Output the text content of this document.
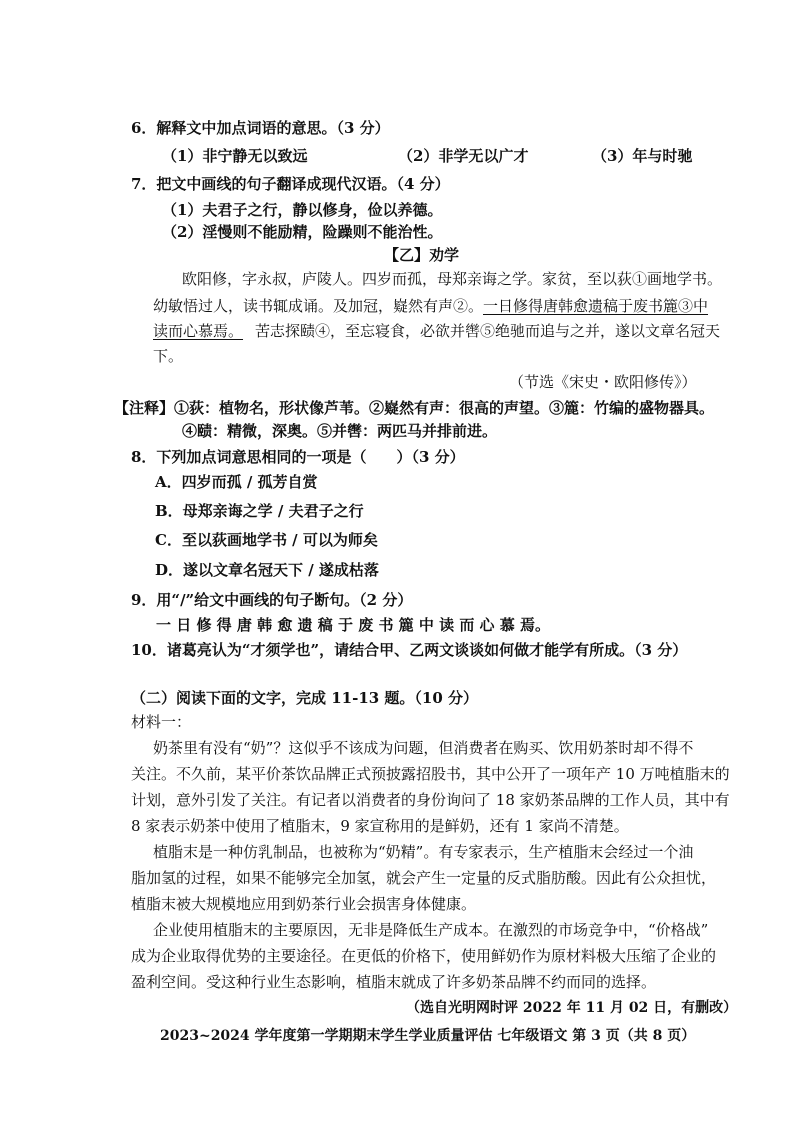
6．解释文中加点词语的意思。（3 分）
（1）非宁静无以致远	（2）非学无以广才	（3）年与时驰
7．把文中画线的句子翻译成现代汉语。（4 分）
（1）夫君子之行，静以修身，俭以养德。
（2）淫慢则不能励精，险躁则不能治性。
【乙】劝学
欧阳修，字永叔，庐陵人。四岁而孤，母郑亲诲之学。家贫，至以荻①画地学书。
幼敏悟过人，读书辄成诵。及加冠，嶷然有声②。 一日修得唐韩愈遗稿于废书簏③中
读而心慕焉。 苦志探赜④，至忘寝食，必欲并辔⑤绝驰而追与之并，遂以文章名冠天
下。
（节选《宋史・欧阳修传》）
【注释】①荻：植物名，形状像芦苇。②嶷然有声：很高的声望。③簏：竹编的盛物器具。
④赜：精微，深奥。⑤并辔：两匹马并排前进。
8．下列加点词意思相同的一项是（　　）（3 分）
A．四岁而孤 / 孤芳自赏
B．母郑亲诲之学 / 夫君子之行
C．至以荻画地学书 / 可以为师矣
D．遂以文章名冠天下 / 遂成枯落
9．用“/”给文中画线的句子断句。（2 分）
一 日 修 得 唐 韩 愈 遗 稿 于 废 书 簏 中 读 而 心 慕 焉。
10．诸葛亮认为“才须学也”，请结合甲、乙两文谈谈如何做才能学有所成。（3 分）
（二）阅读下面的文字，完成 11-13 题。（10 分）
材料一：
奶茶里有没有“奶”？这似乎不该成为问题，但消费者在购买、饮用奶茶时却不得不
关注。不久前，某平价茶饮品牌正式预披露招股书，其中公开了一项年产 10 万吨植脂末的
计划，意外引发了关注。有记者以消费者的身份询问了 18 家奶茶品牌的工作人员，其中有
8 家表示奶茶中使用了植脂末，9 家宣称用的是鲜奶，还有 1 家尚不清楚。
植脂末是一种仿乳制品，也被称为“奶精”。有专家表示，生产植脂末会经过一个油
脂加氢的过程，如果不能够完全加氢，就会产生一定量的反式脂肪酸。因此有公众担忧，
植脂末被大规模地应用到奶茶行业会损害身体健康。
企业使用植脂末的主要原因，无非是降低生产成本。在激烈的市场竞争中，“价格战”
成为企业取得优势的主要途径。在更低的价格下，使用鲜奶作为原材料极大压缩了企业的
盈利空间。受这种行业生态影响，植脂末就成了许多奶茶品牌不约而同的选择。
（选自光明网时评 2022 年 11 月 02 日，有删改）
2023~2024 学年度第一学期期末学生学业质量评估 七年级语文 第 3 页（共 8 页）
